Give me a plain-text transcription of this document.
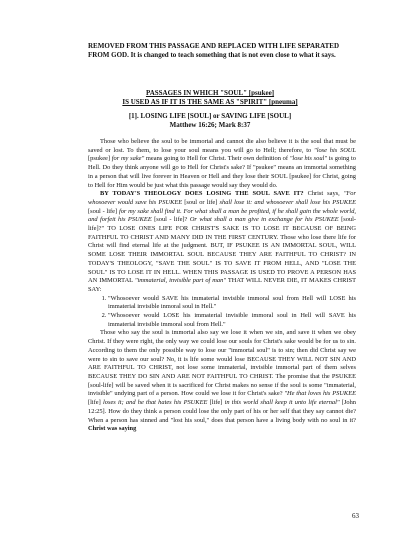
REMOVED FROM THIS PASSAGE AND REPLACED WITH LIFE SEPARATED FROM GOD. It is changed to teach something that is not even close to what it says.
PASSAGES IN WHICH "SOUL" [psukee]
IS USED AS IF IT IS THE SAME AS "SPIRIT" [pneuma]
[1]. LOSING LIFE [SOUL] or SAVING LIFE [SOUL]
Matthew 16:26; Mark 8:37

Those who believe the soul to be immortal and cannot die also believe it is the soul that must be saved or lost. To them, to lose your soul means you will go to Hell; therefore, to "lose his SOUL [psukee] for my sake" means going to Hell for Christ. Their own definition of "lose his soul" is going to Hell. Do they think anyone will go to Hell for Christ's sake? If "psukee" means an immortal something in a person that will live forever in Heaven or Hell and they lose their SOUL [psukee] for Christ, going to Hell for Him would be just what this passage would say they would do.

BY TODAY'S THEOLOGY DOES LOSING THE SOUL SAVE IT? Christ says, "For whosoever would save his PSUKEE [soul or life] shall lose it: and whosoever shall lose his PSUKEE [soul - life] for my sake shall find it. For what shall a man be profited, if he shall gain the whole world, and forfeit his PSUKEE [soul - life]? Or what shall a man give in exchange for his PSUKEE [soul-life]?" TO LOSE ONES LIFE FOR CHRIST'S SAKE IS TO LOSE IT BECAUSE OF BEING FAITHFUL TO CHRIST AND MANY DID IN THE FIRST CENTURY. Those who lose there life for Christ will find eternal life at the judgment. BUT, IF PSUKEE IS AN IMMORTAL SOUL, WILL SOME LOSE THEIR IMMORTAL SOUL BECAUSE THEY ARE FAITHFUL TO CHRIST? IN TODAY'S THEOLOGY, "SAVE THE SOUL" IS TO SAVE IT FROM HELL, AND "LOSE THE SOUL" IS TO LOSE IT IN HELL. WHEN THIS PASSAGE IS USED TO PROVE A PERSON HAS AN IMMORTAL "immaterial, invisible part of man" THAT WILL NEVER DIE, IT MAKES CHRIST SAY:

1. "Whosoever would SAVE his immaterial invisible immoral soul from Hell will LOSE his immaterial invisible inmoral soul in Hell."
2. "Whosoever would LOSE his immaterial invisible immoral soul in Hell will SAVE his immaterial invisible immoral soul from Hell."

Those who say the soul is immortal also say we lose it when we sin, and save it when we obey Christ. If they were right, the only way we could lose our souls for Christ's sake would be for us to sin. According to them the only possible way to lose our "immortal soul" is to sin; then did Christ say we were to sin to save our soul? No, it is life some would lose BECAUSE THEY WILL NOT SIN AND ARE FAITHFUL TO CHRIST, not lose some immaterial, invisible immortal part of them selves BECAUSE THEY DO SIN AND ARE NOT FAITHFUL TO CHRIST. The promise that the PSUKEE [soul-life] will be saved when it is sacrificed for Christ makes no sense if the soul is some "immaterial, invisible" undying part of a person. How could we lose it for Christ's sake? "He that loves his PSUKEE [life] loses it; and he that hates his PSUKEE [life] in this world shall keep it unto life eternal" [John 12:25]. How do they think a person could lose the only part of his or her self that they say cannot die? When a person has sinned and "lost his soul," does that person have a living body with no soul in it? Christ was saying

63
